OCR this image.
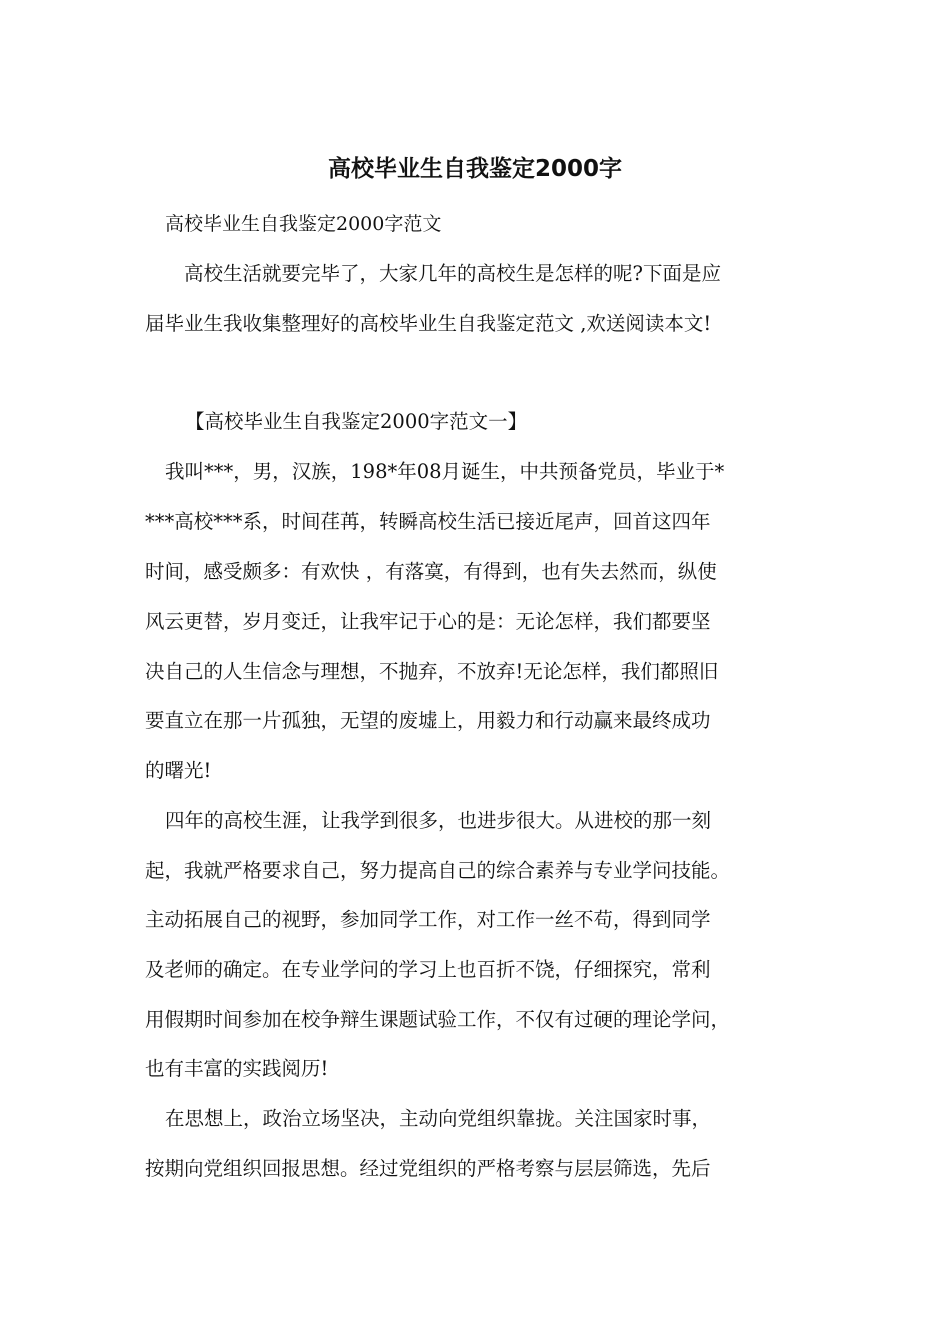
高校毕业生自我鉴定2000字
高校毕业生自我鉴定2000字范文
高校生活就要完毕了，大家几年的高校生是怎样的呢?下面是应
届毕业生我收集整理好的高校毕业生自我鉴定范文 ,欢送阅读本文!
【高校毕业生自我鉴定2000字范文一】
我叫***，男，汉族，198*年08月诞生，中共预备党员，毕业于*
***高校***系，时间荏苒，转瞬高校生活已接近尾声，回首这四年
时间，感受颇多：有欢快 ，有落寞，有得到，也有失去然而，纵使
风云更替，岁月变迁，让我牢记于心的是：无论怎样，我们都要坚
决自己的人生信念与理想，不抛弃，不放弃!无论怎样，我们都照旧
要直立在那一片孤独，无望的废墟上，用毅力和行动赢来最终成功
的曙光!
四年的高校生涯，让我学到很多，也进步很大。从进校的那一刻
起，我就严格要求自己，努力提高自己的综合素养与专业学问技能。
主动拓展自己的视野，参加同学工作，对工作一丝不苟，得到同学
及老师的确定。在专业学问的学习上也百折不饶，仔细探究，常利
用假期时间参加在校争辩生课题试验工作，不仅有过硬的理论学问，
也有丰富的实践阅历!
在思想上，政治立场坚决，主动向党组织靠拢。关注国家时事，
按期向党组织回报思想。经过党组织的严格考察与层层筛选，先后
